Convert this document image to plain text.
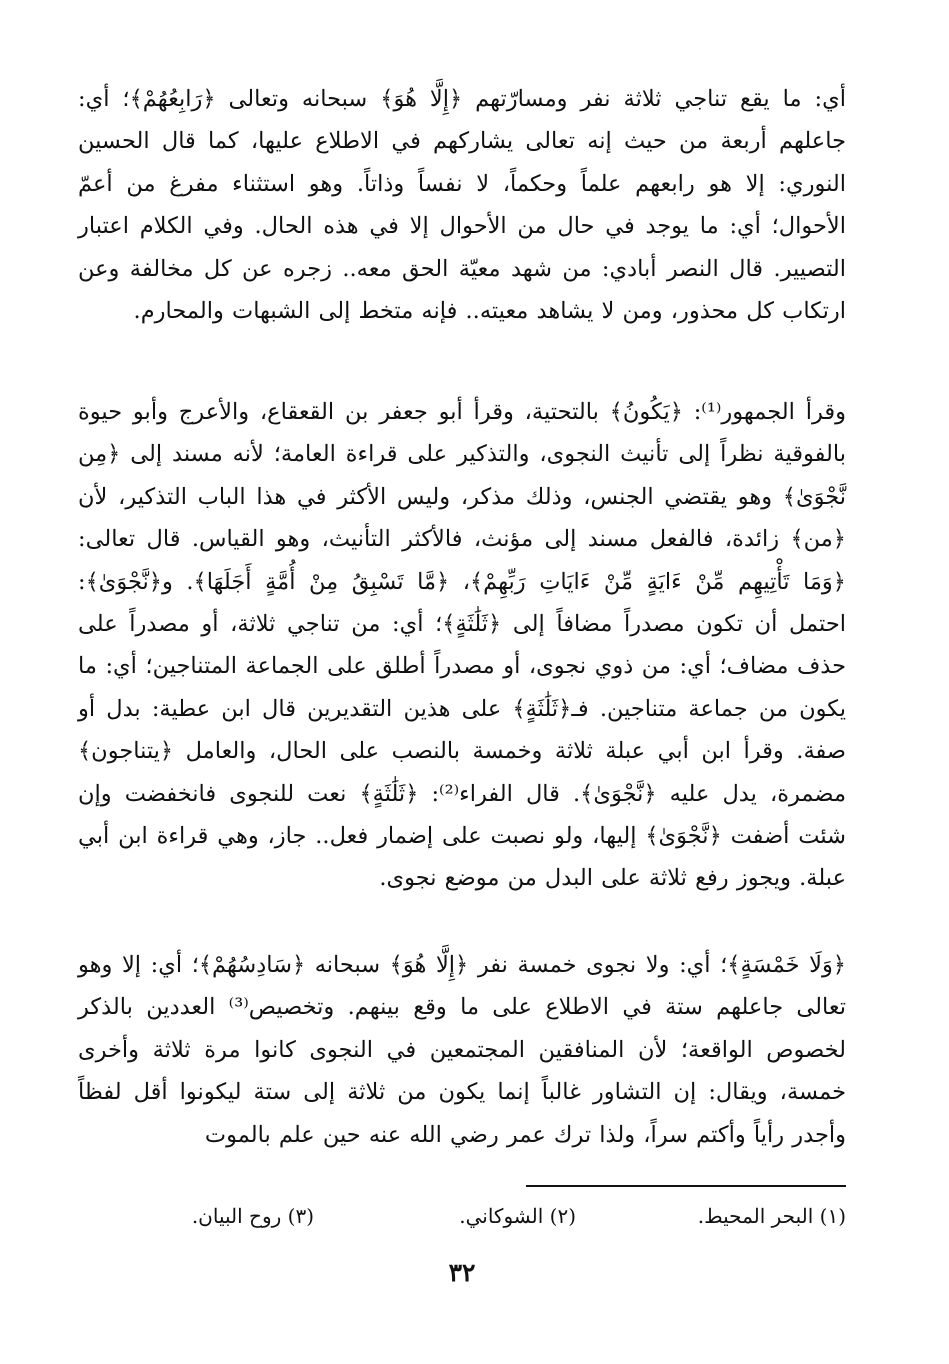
أي: ما يقع تناجي ثلاثة نفر ومسارّتهم ﴿إِلَّا هُوَ﴾ سبحانه وتعالى ﴿رَابِعُهُمْ﴾؛ أي: جاعلهم أربعة من حيث إنه تعالى يشاركهم في الاطلاع عليها، كما قال الحسين النوري: إلا هو رابعهم علماً وحكماً، لا نفساً وذاتاً. وهو استثناء مفرغ من أعمّ الأحوال؛ أي: ما يوجد في حال من الأحوال إلا في هذه الحال. وفي الكلام اعتبار التصيير. قال النصر أبادي: من شهد معيّة الحق معه.. زجره عن كل مخالفة وعن ارتكاب كل محذور، ومن لا يشاهد معيته.. فإنه متخط إلى الشبهات والمحارم.

وقرأ الجمهور⁽¹⁾: ﴿يَكُونُ﴾ بالتحتية، وقرأ أبو جعفر بن القعقاع، والأعرج وأبو حيوة بالفوقية نظراً إلى تأنيث النجوى، والتذكير على قراءة العامة؛ لأنه مسند إلى ﴿مِن نَّجْوَىٰ﴾ وهو يقتضي الجنس، وذلك مذكر، وليس الأكثر في هذا الباب التذكير، لأن ﴿من﴾ زائدة، فالفعل مسند إلى مؤنث، فالأكثر التأنيث، وهو القياس. قال تعالى: ﴿وَمَا تَأْتِيهِم مِّنْ ءَايَةٍ مِّنْ ءَايَاتِ رَبِّهِمْ﴾، ﴿مَّا تَسْبِقُ مِنْ أُمَّةٍ أَجَلَهَا﴾. و﴿نَّجْوَىٰ﴾: احتمل أن تكون مصدراً مضافاً إلى ﴿ثَلَٰثَةٍ﴾؛ أي: من تناجي ثلاثة، أو مصدراً على حذف مضاف؛ أي: من ذوي نجوى، أو مصدراً أطلق على الجماعة المتناجين؛ أي: ما يكون من جماعة متناجين. فـ﴿ثَلَٰثَةٍ﴾ على هذين التقديرين قال ابن عطية: بدل أو صفة. وقرأ ابن أبي عبلة ثلاثة وخمسة بالنصب على الحال، والعامل ﴿يتناجون﴾ مضمرة، يدل عليه ﴿نَّجْوَىٰ﴾. قال الفراء⁽²⁾: ﴿ثَلَٰثَةٍ﴾ نعت للنجوى فانخفضت وإن شئت أضفت ﴿نَّجْوَىٰ﴾ إليها، ولو نصبت على إضمار فعل.. جاز، وهي قراءة ابن أبي عبلة. ويجوز رفع ثلاثة على البدل من موضع نجوى.

﴿وَلَا خَمْسَةٍ﴾؛ أي: ولا نجوى خمسة نفر ﴿إِلَّا هُوَ﴾ سبحانه ﴿سَادِسُهُمْ﴾؛ أي: إلا وهو تعالى جاعلهم ستة في الاطلاع على ما وقع بينهم. وتخصيص⁽³⁾ العددين بالذكر لخصوص الواقعة؛ لأن المنافقين المجتمعين في النجوى كانوا مرة ثلاثة وأخرى خمسة، ويقال: إن التشاور غالباً إنما يكون من ثلاثة إلى ستة ليكونوا أقل لفظاً وأجدر رأياً وأكتم سراً، ولذا ترك عمر رضي الله عنه حين علم بالموت

(١) البحر المحيط.
(٢) الشوكاني.
(٣) روح البيان.
٣٢
